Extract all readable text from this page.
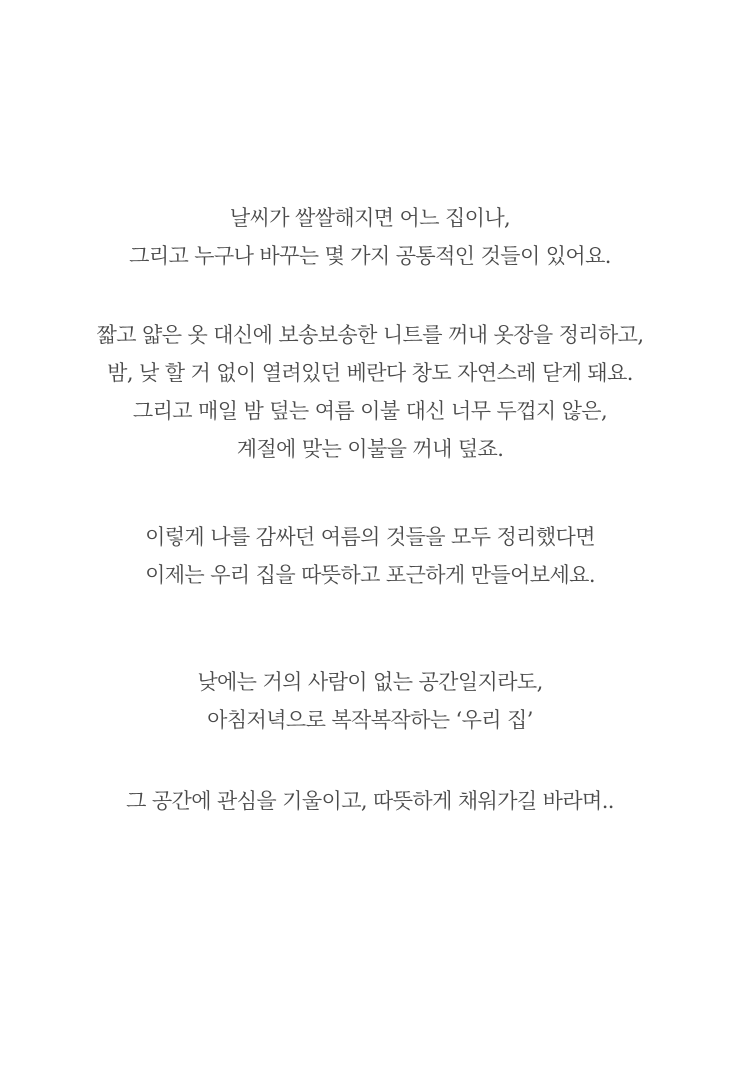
날씨가 쌀쌀해지면 어느 집이나,
그리고 누구나 바꾸는 몇 가지 공통적인 것들이 있어요.

짧고 얇은 옷 대신에 보송보송한 니트를 꺼내 옷장을 정리하고,
밤, 낮 할 거 없이 열려있던 베란다 창도 자연스레 닫게 돼요.
그리고 매일 밤 덮는 여름 이불 대신 너무 두껍지 않은,
계절에 맞는 이불을 꺼내 덮죠.

이렇게 나를 감싸던 여름의 것들을 모두 정리했다면
이제는 우리 집을 따뜻하고 포근하게 만들어보세요.

낮에는 거의 사람이 없는 공간일지라도,
아침저녁으로 복작복작하는 ‘우리 집’

그 공간에 관심을 기울이고, 따뜻하게 채워가길 바라며..
